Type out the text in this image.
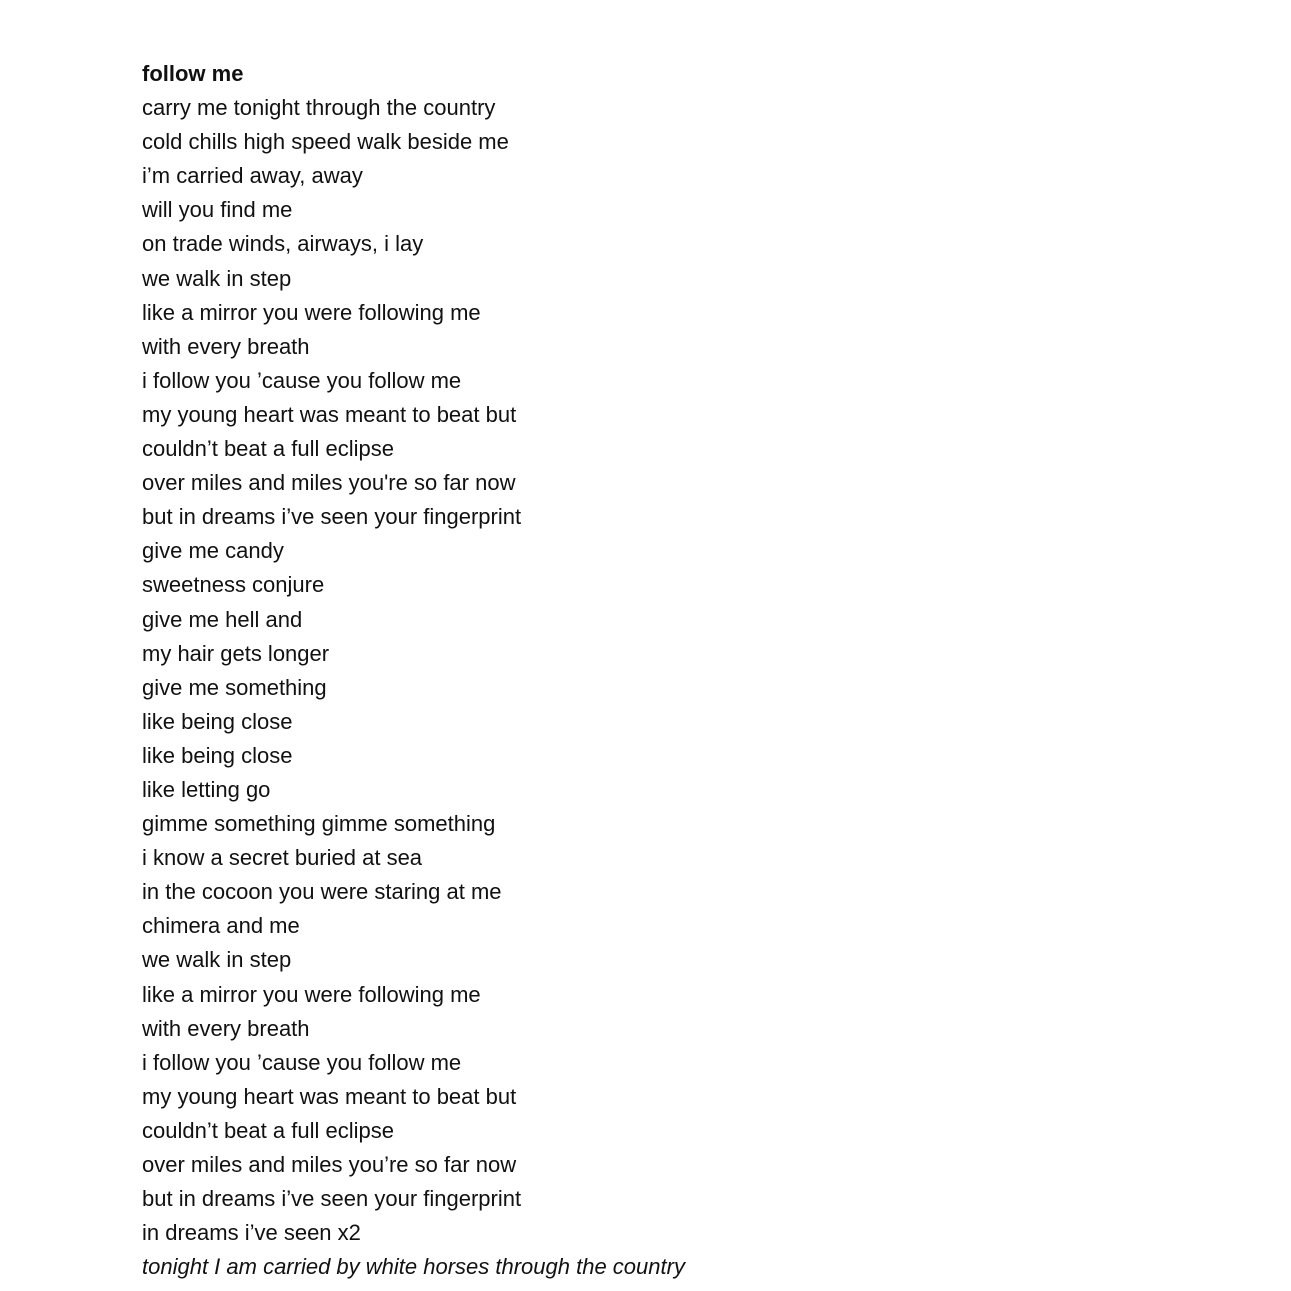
follow me

carry me tonight through the country
cold chills high speed walk beside me
i’m carried away, away
will you find me
on trade winds, airways, i lay
we walk in step
like a mirror you were following me
with every breath
i follow you ’cause you follow me
my young heart was meant to beat but
couldn’t beat a full eclipse
over miles and miles you're so far now
but in dreams i’ve seen your fingerprint
give me candy
sweetness conjure
give me hell and
my hair gets longer
give me something
like being close
like being close
like letting go
gimme something gimme something
i know a secret buried at sea
in the cocoon you were staring at me
chimera and me
we walk in step
like a mirror you were following me
with every breath
i follow you ’cause you follow me
my young heart was meant to beat but
couldn’t beat a full eclipse
over miles and miles you’re so far now
but in dreams i’ve seen your fingerprint
in dreams i’ve seen x2

tonight I am carried by white horses through the country
